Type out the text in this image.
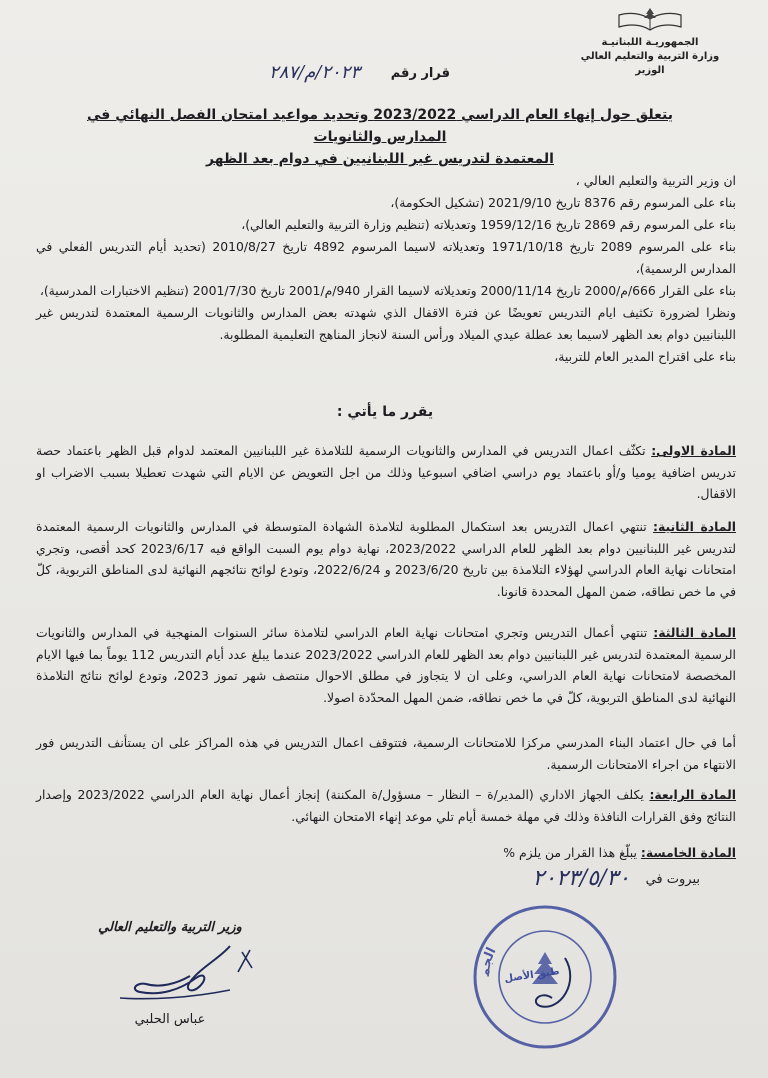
الجمهوريـة اللبنانيـة
وزارة التربية والتعليم العالي
الوزير
قرار رقم
٢٠٢٣/م/٢٨٧
يتعلق حول إنهاء العام الدراسي 2023/2022 وتحديد مواعيد امتحان الفصل النهائي في المدارس والثانويات
المعتمدة لتدريس غير اللبنانيين في دوام بعد الظهر

ان وزير التربية والتعليم العالي ،

بناء على المرسوم رقم 8376 تاريخ 2021/9/10 (تشكيل الحكومة)،

بناء على المرسوم رقم 2869 تاريخ 1959/12/16 وتعديلاته (تنظيم وزارة التربية والتعليم العالي)،

بناء على المرسوم 2089 تاريخ 1971/10/18 وتعديلاته لاسيما المرسوم 4892 تاريخ 2010/8/27 (تحديد أيام التدريس الفعلي في المدارس الرسمية)،

بناء على القرار 666/م/2000 تاريخ 2000/11/14 وتعديلاته لاسيما القرار 940/م/2001 تاريخ 2001/7/30 (تنظيم الاختبارات المدرسية)،

ونظرا لضرورة تكثيف ايام التدريس تعويضًا عن فترة الاقفال الذي شهدته بعض المدارس والثانويات الرسمية المعتمدة لتدريس غير اللبنانيين دوام بعد الظهر لاسيما بعد عطلة عيدي الميلاد ورأس السنة لانجاز المناهج التعليمية المطلوبة.

بناء على اقتراح المدير العام للتربية،

يقرر ما يأتي :

المادة الاولى: تكثّف اعمال التدريس في المدارس والثانويات الرسمية للتلامذة غير اللبنانيين المعتمد لدوام قبل الظهر باعتماد حصة تدريس اضافية يوميا و/أو باعتماد يوم دراسي اضافي اسبوعيا وذلك من اجل التعويض عن الايام التي شهدت تعطيلا بسبب الاضراب او الاقفال.

المادة الثانية: تنتهي اعمال التدريس بعد استكمال المطلوبة لتلامذة الشهادة المتوسطة في المدارس والثانويات الرسمية المعتمدة لتدريس غير اللبنانيين دوام بعد الظهر للعام الدراسي 2023/2022، نهاية دوام يوم السبت الواقع فيه 2023/6/17 كحد أقصى، وتجري امتحانات نهاية العام الدراسي لهؤلاء التلامذة بين تاريخ 2023/6/20 و 2022/6/24، وتودع لوائح نتائجهم النهائية لدى المناطق التربوية، كلّ في ما خص نطاقه، ضمن المهل المحددة قانونا.

المادة الثالثة: تنتهي أعمال التدريس وتجري امتحانات نهاية العام الدراسي لتلامذة سائر السنوات المنهجية في المدارس والثانويات الرسمية المعتمدة لتدريس غير اللبنانيين دوام بعد الظهر للعام الدراسي 2023/2022 عندما يبلغ عدد أيام التدريس 112 يوماً بما فيها الايام المخصصة لامتحانات نهاية العام الدراسي، وعلى ان لا يتجاوز في مطلق الاحوال منتصف شهر تموز 2023، وتودع لوائح نتائج التلامذة النهائية لدى المناطق التربوية، كلّ في ما خص نطاقه، ضمن المهل المحدّدة اصولا.

أما في حال اعتماد البناء المدرسي مركزا للامتحانات الرسمية، فتتوقف اعمال التدريس في هذه المراكز على ان يستأنف التدريس فور الانتهاء من اجراء الامتحانات الرسمية.

المادة الرابعة: يكلف الجهاز الاداري (المدير/ة – النظار – مسؤول/ة المكننة) إنجاز أعمال نهاية العام الدراسي 2023/2022 وإصدار النتائج وفق القرارات النافذة وذلك في مهلة خمسة أيام تلي موعد إنهاء الامتحان النهائي.

المادة الخامسة: يبلّغ هذا القرار من يلزم %

بيروت في
٢٠٢٣/٥/٣٠
وزير التربية والتعليم العالي
عباس الحلبي
الجم	طبق الأصل
